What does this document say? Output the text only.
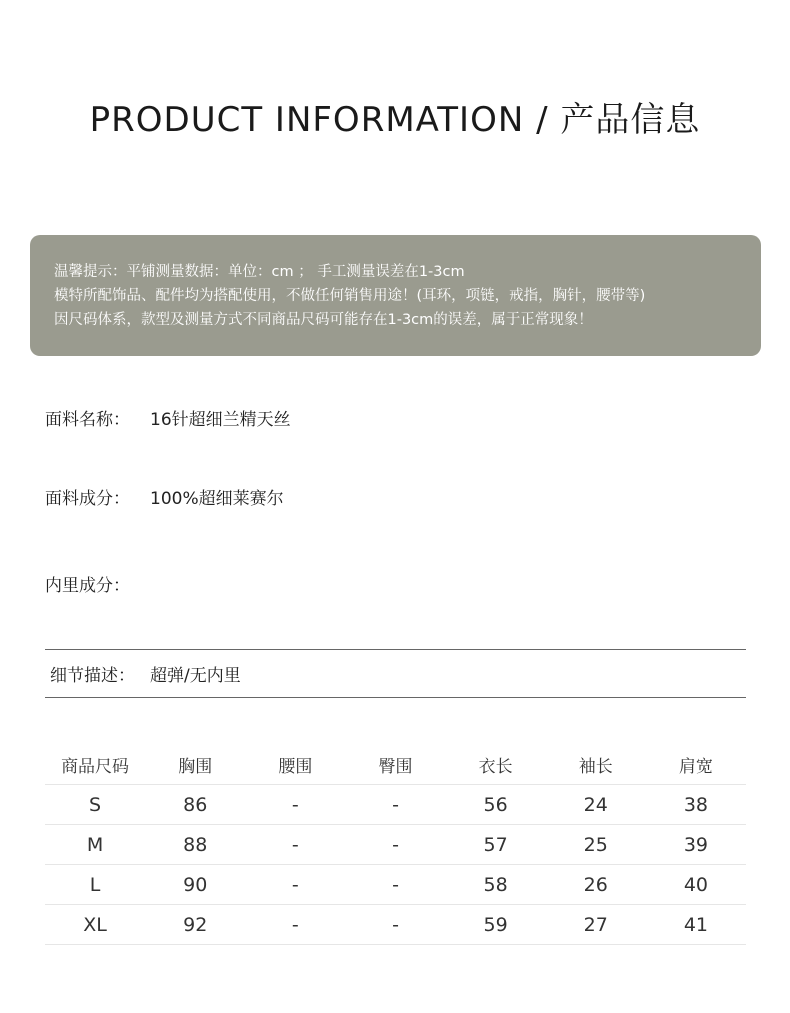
PRODUCT INFORMATION / 产品信息
温馨提示：平铺测量数据：单位：cm ； 手工测量误差在1-3cm
模特所配饰品、配件均为搭配使用，不做任何销售用途！(耳环，项链，戒指，胸针，腰带等)
因尺码体系，款型及测量方式不同商品尺码可能存在1-3cm的误差，属于正常现象！
面料名称： 16针超细兰精天丝
面料成分： 100%超细莱赛尔
内里成分：
细节描述： 超弹/无内里
商品尺码	胸围	腰围	臀围	衣长	袖长	肩宽
S	86	-	-	56	24	38
M	88	-	-	57	25	39
L	90	-	-	58	26	40
XL	92	-	-	59	27	41
